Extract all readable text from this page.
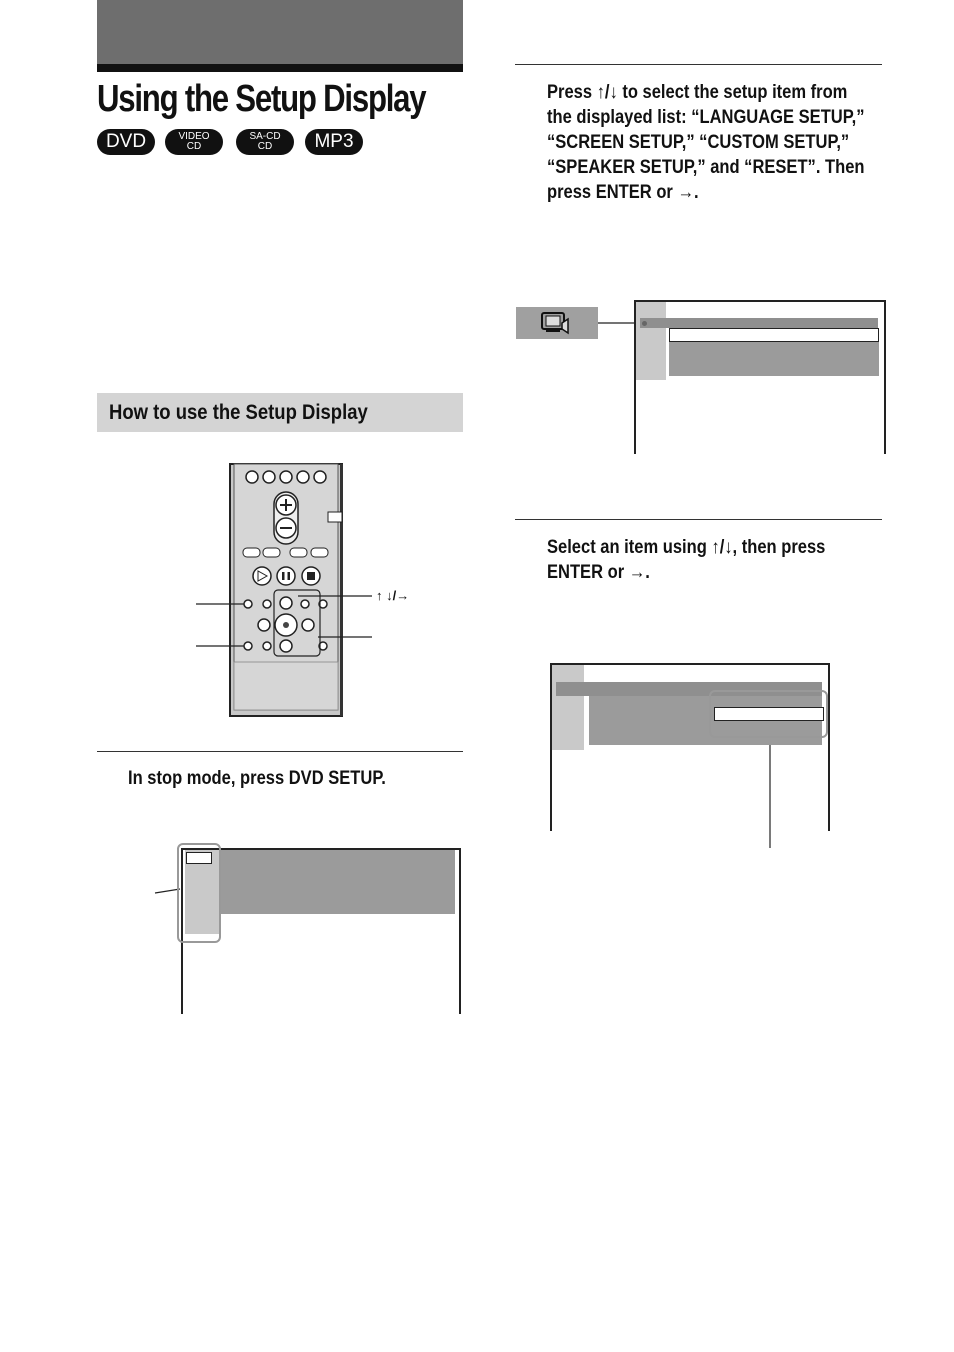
Using the Setup Display
DVD	VIDEO
CD
SA-CD
CD MP3
How to use the Setup Display
↑ ↓/→
In stop mode, press DVD SETUP.
Press ↑/↓ to select the setup item from
the displayed list: “LANGUAGE SETUP,”
“SCREEN SETUP,” “CUSTOM SETUP,”
“SPEAKER SETUP,” and “RESET”. Then
press ENTER or →.
Select an item using ↑/↓, then press
ENTER or →.
